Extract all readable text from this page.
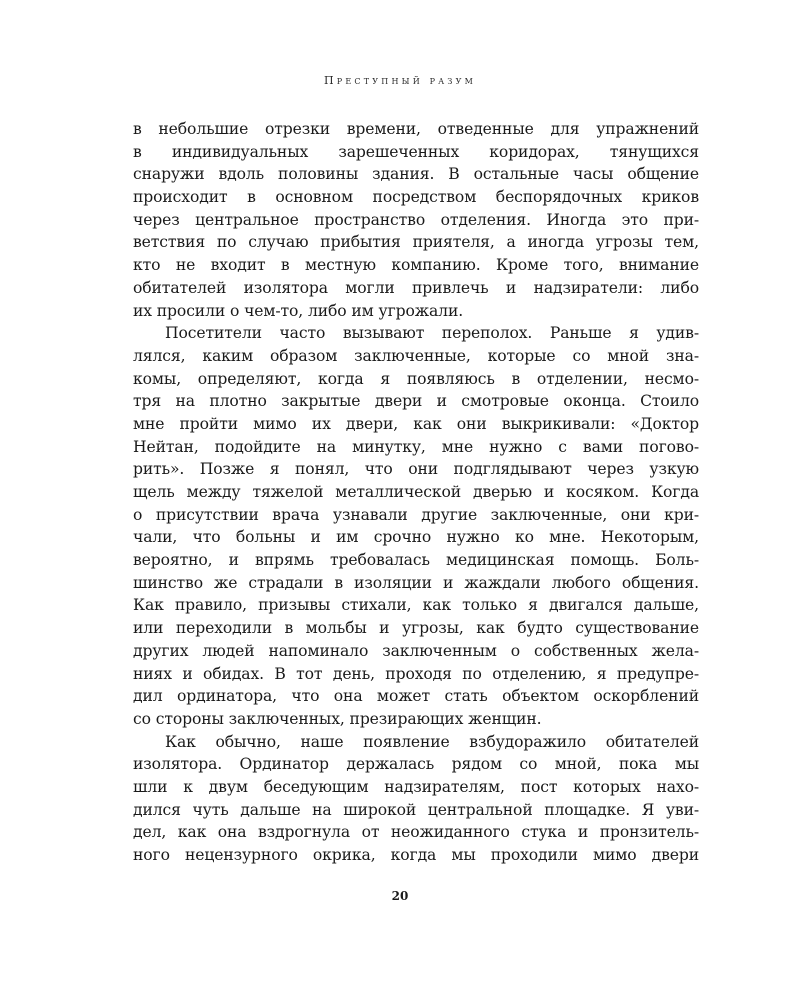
Преступный разум
в небольшие отрезки времени, отведенные для упражнений
в индивидуальных зарешеченных коридорах, тянущихся
снаружи вдоль половины здания. В остальные часы общение
происходит в основном посредством беспорядочных криков
через центральное пространство отделения. Иногда это при-
ветствия по случаю прибытия приятеля, а иногда угрозы тем,
кто не входит в местную компанию. Кроме того, внимание
обитателей изолятора могли привлечь и надзиратели: либо
их просили о чем-то, либо им угрожали.
Посетители часто вызывают переполох. Раньше я удив-
лялся, каким образом заключенные, которые со мной зна-
комы, определяют, когда я появляюсь в отделении, несмо-
тря на плотно закрытые двери и смотровые оконца. Стоило
мне пройти мимо их двери, как они выкрикивали: «Доктор
Нейтан, подойдите на минутку, мне нужно с вами погово-
рить». Позже я понял, что они подглядывают через узкую
щель между тяжелой металлической дверью и косяком. Когда
о присутствии врача узнавали другие заключенные, они кри-
чали, что больны и им срочно нужно ко мне. Некоторым,
вероятно, и впрямь требовалась медицинская помощь. Боль-
шинство же страдали в изоляции и жаждали любого общения.
Как правило, призывы стихали, как только я двигался дальше,
или переходили в мольбы и угрозы, как будто существование
других людей напоминало заключенным о собственных жела-
ниях и обидах. В тот день, проходя по отделению, я предупре-
дил ординатора, что она может стать объектом оскорблений
со стороны заключенных, презирающих женщин.
Как обычно, наше появление взбудоражило обитателей
изолятора. Ординатор держалась рядом со мной, пока мы
шли к двум беседующим надзирателям, пост которых нахо-
дился чуть дальше на широкой центральной площадке. Я уви-
дел, как она вздрогнула от неожиданного стука и пронзитель-
ного нецензурного окрика, когда мы проходили мимо двери
20
